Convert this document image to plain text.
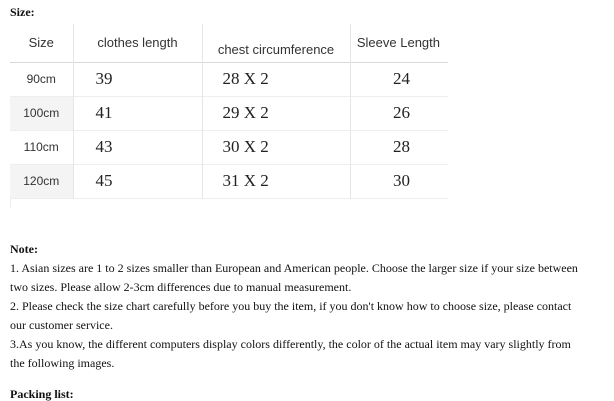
Size:
Size	clothes length	chest circumference	Sleeve Length
90cm	39	28 X 2	24
100cm	41	29 X 2	26
110cm	43	30 X 2	28
120cm	45	31 X 2	30
Note:
1. Asian sizes are 1 to 2 sizes smaller than European and American people. Choose the larger size if your size between
two sizes. Please allow 2-3cm differences due to manual measurement.
2. Please check the size chart carefully before you buy the item, if you don't know how to choose size, please contact
our customer service.
3.As you know, the different computers display colors differently, the color of the actual item may vary slightly from
the following images.
Packing list:
